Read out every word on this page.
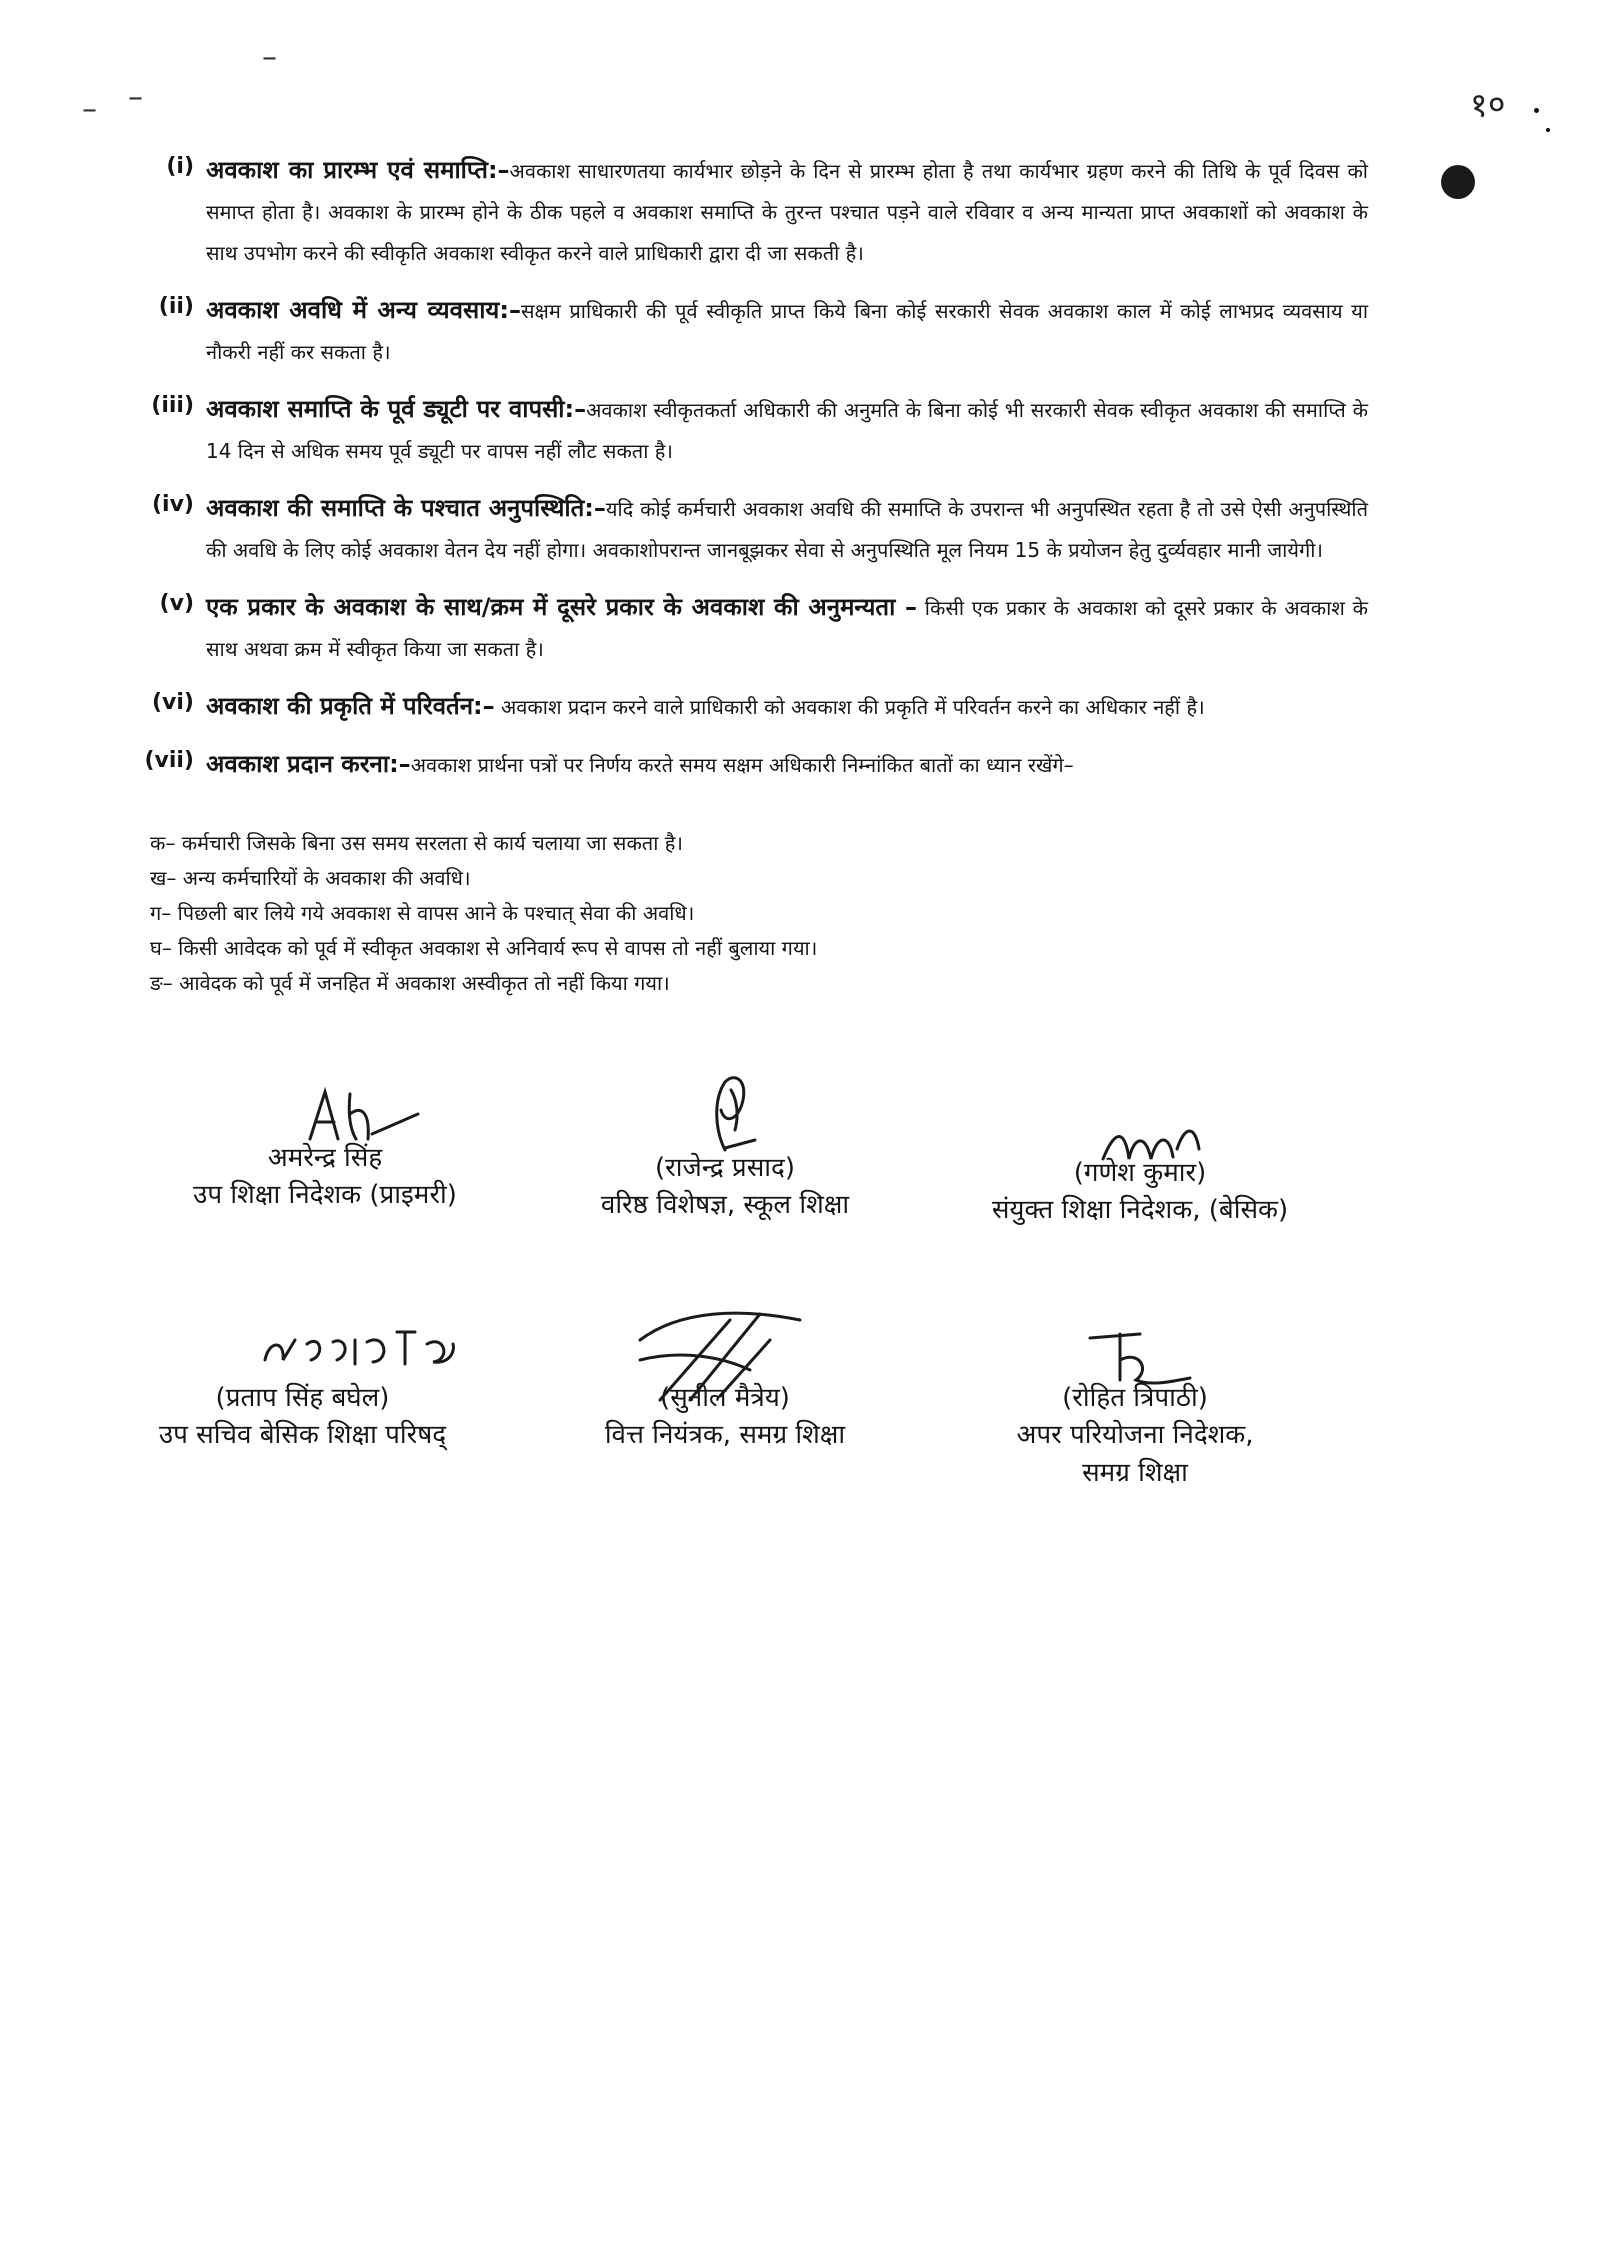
–
– –	१०
(i) अवकाश का प्रारम्भ एवं समाप्ति:–अवकाश साधारणतया कार्यभार छोड़ने के दिन से प्रारम्भ होता है तथा कार्यभार ग्रहण करने की तिथि के पूर्व दिवस को समाप्त होता है। अवकाश के प्रारम्भ होने के ठीक पहले व अवकाश समाप्ति के तुरन्त पश्चात पड़ने वाले रविवार व अन्य मान्यता प्राप्त अवकाशों को अवकाश के साथ उपभोग करने की स्वीकृति अवकाश स्वीकृत करने वाले प्राधिकारी द्वारा दी जा सकती है।
(ii) अवकाश अवधि में अन्य व्यवसाय:–सक्षम प्राधिकारी की पूर्व स्वीकृति प्राप्त किये बिना कोई सरकारी सेवक अवकाश काल में कोई लाभप्रद व्यवसाय या नौकरी नहीं कर सकता है।
(iii) अवकाश समाप्ति के पूर्व ड्यूटी पर वापसी:–अवकाश स्वीकृतकर्ता अधिकारी की अनुमति के बिना कोई भी सरकारी सेवक स्वीकृत अवकाश की समाप्ति के 14 दिन से अधिक समय पूर्व ड्यूटी पर वापस नहीं लौट सकता है।
(iv) अवकाश की समाप्ति के पश्चात अनुपस्थिति:–यदि कोई कर्मचारी अवकाश अवधि की समाप्ति के उपरान्त भी अनुपस्थित रहता है तो उसे ऐसी अनुपस्थिति की अवधि के लिए कोई अवकाश वेतन देय नहीं होगा। अवकाशोपरान्त जानबूझकर सेवा से अनुपस्थिति मूल नियम 15 के प्रयोजन हेतु दुर्व्यवहार मानी जायेगी।
(v) एक प्रकार के अवकाश के साथ/क्रम में दूसरे प्रकार के अवकाश की अनुमन्यता – किसी एक प्रकार के अवकाश को दूसरे प्रकार के अवकाश के साथ अथवा क्रम में स्वीकृत किया जा सकता है।
(vi) अवकाश की प्रकृति में परिवर्तन:– अवकाश प्रदान करने वाले प्राधिकारी को अवकाश की प्रकृति में परिवर्तन करने का अधिकार नहीं है।
(vii) अवकाश प्रदान करना:–अवकाश प्रार्थना पत्रों पर निर्णय करते समय सक्षम अधिकारी निम्नांकित बातों का ध्यान रखेंगे–
क– कर्मचारी जिसके बिना उस समय सरलता से कार्य चलाया जा सकता है।
ख– अन्य कर्मचारियों के अवकाश की अवधि।
ग– पिछली बार लिये गये अवकाश से वापस आने के पश्चात् सेवा की अवधि।
घ– किसी आवेदक को पूर्व में स्वीकृत अवकाश से अनिवार्य रूप से वापस तो नहीं बुलाया गया।
ङ– आवेदक को पूर्व में जनहित में अवकाश अस्वीकृत तो नहीं किया गया।
अमरेन्द्र सिंह
उप शिक्षा निदेशक (प्राइमरी)
(राजेन्द्र प्रसाद)
वरिष्ठ विशेषज्ञ, स्कूल शिक्षा
(गणेश कुमार)
संयुक्त शिक्षा निदेशक, (बेसिक)
(प्रताप सिंह बघेल)
उप सचिव बेसिक शिक्षा परिषद्
(सुनील मैत्रेय)
वित्त नियंत्रक, समग्र शिक्षा
(रोहित त्रिपाठी)
अपर परियोजना निदेशक,
समग्र शिक्षा
